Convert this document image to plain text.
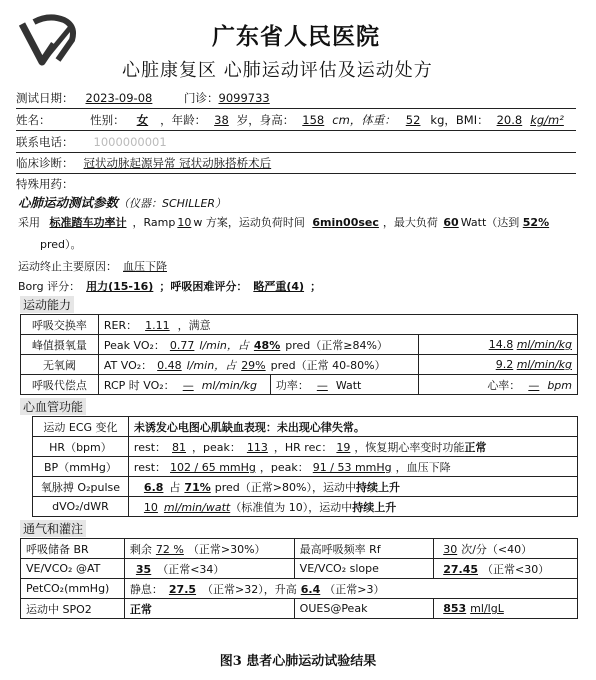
广东省人民医院
心脏康复区 心肺运动评估及运动处方
测试日期： 2023-09-08	门诊：9099733
姓名：	性别： 女 ，年龄： 38 岁，身高： 158 cm，体重： 52 kg，BMI： 20.8 kg/m²
联系电话： 1000000001
临床诊断： 冠状动脉起源异常 冠状动脉搭桥术后
特殊用药：
心肺运动测试参数（仪器：SCHILLER）
采用 标准踏车功率计 ，Ramp 10 w 方案，运动负荷时间 6min00sec ，最大负荷 60 Watt（达到 52%
pred）。
运动终止主要原因： 血压下降
Borg 评分： 用力(15-16) ；呼吸困难评分： 略严重(4) ；
运动能力
呼吸交换率	RER： 1.11 ，满意		
峰值摄氧量	Peak VO₂： 0.77 l/min，占 48% pred（正常≥84%）		14.8 ml/min/kg
无氧阈	AT VO₂： 0.48 l/min，占 29% pred（正常 40-80%）		9.2 ml/min/kg
呼吸代偿点	RCP 时 VO₂： — ml/min/kg	功率： — Watt	心率： — bpm
心血管功能
运动 ECG 变化	未诱发心电图心肌缺血表现：未出现心律失常。
HR（bpm）	rest： 81 ，peak： 113 ，HR rec： 19 ，恢复期心率变时功能正常
BP（mmHg）	rest： 102 / 65 mmHg ，peak： 91 / 53 mmHg ，血压下降
氧脉搏 O₂pulse	6.8 占 71% pred（正常>80%），运动中持续上升
dVO₂/dWR	10 ml/min/watt（标准值为 10），运动中持续上升
通气和灌注
呼吸储备 BR	剩余 72 % （正常>30%）	最高呼吸频率 Rf	30 次/分（<40）
VE/VCO₂ @AT	35 （正常<34）	VE/VCO₂ slope	27.45 （正常<30）
PetCO₂(mmHg)	静息： 27.5 （正常>32），升高 6.4 （正常>3）		
运动中 SPO2	正常	OUES@Peak	853 ml/lgL
图3 患者心肺运动试验结果
